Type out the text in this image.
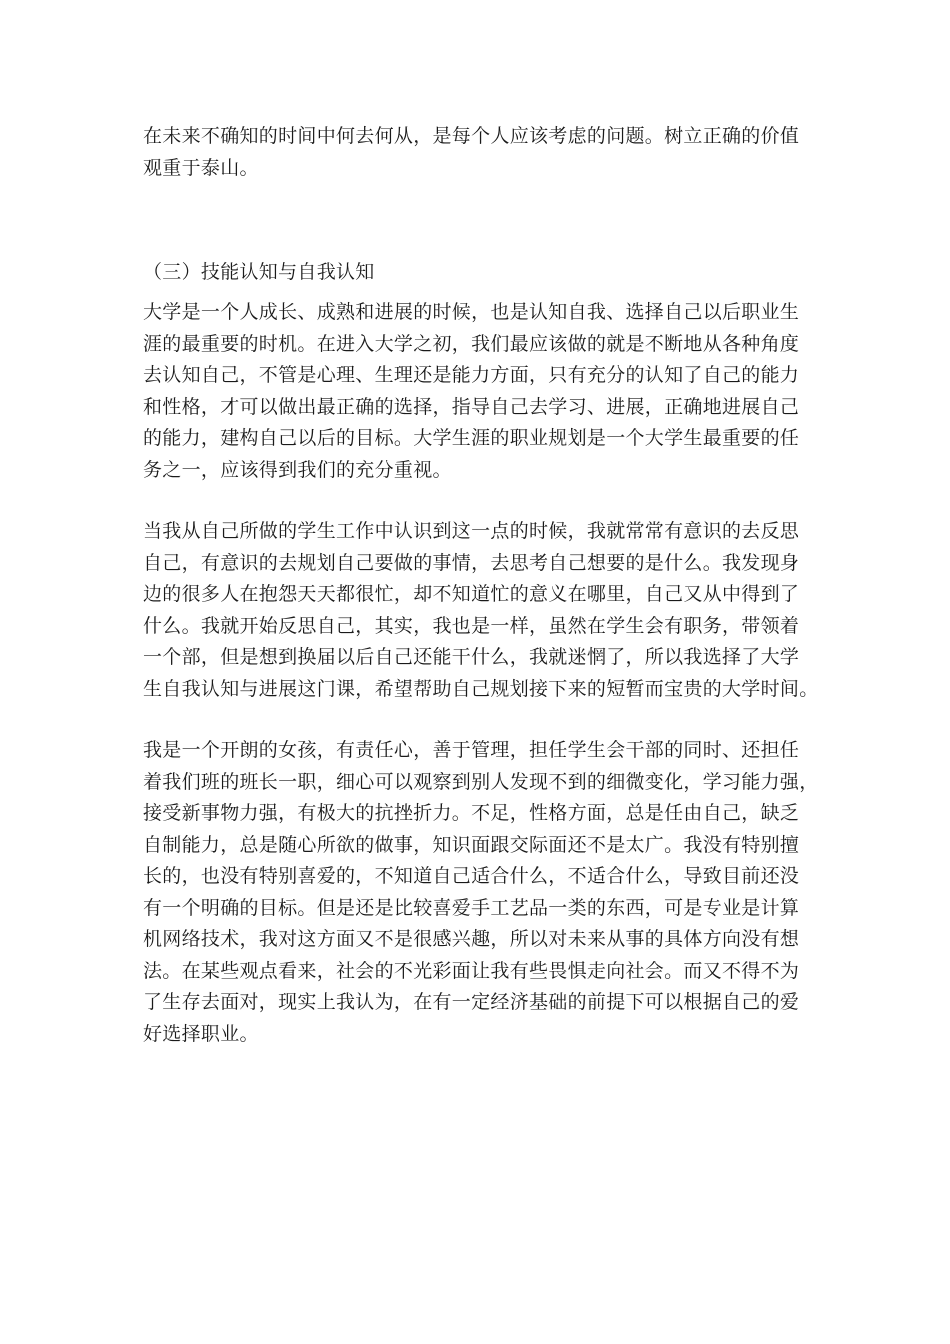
在未来不确知的时间中何去何从，是每个人应该考虑的问题。树立正确的价值
观重于泰山。

（三）技能认知与自我认知

大学是一个人成长、成熟和进展的时候，也是认知自我、选择自己以后职业生
涯的最重要的时机。在进入大学之初，我们最应该做的就是不断地从各种角度
去认知自己，不管是心理、生理还是能力方面，只有充分的认知了自己的能力
和性格，才可以做出最正确的选择，指导自己去学习、进展，正确地进展自己
的能力，建构自己以后的目标。大学生涯的职业规划是一个大学生最重要的任
务之一，应该得到我们的充分重视。

当我从自己所做的学生工作中认识到这一点的时候，我就常常有意识的去反思
自己，有意识的去规划自己要做的事情，去思考自己想要的是什么。我发现身
边的很多人在抱怨天天都很忙，却不知道忙的意义在哪里，自己又从中得到了
什么。我就开始反思自己，其实，我也是一样，虽然在学生会有职务，带领着
一个部，但是想到换届以后自己还能干什么，我就迷惘了，所以我选择了大学
生自我认知与进展这门课，希望帮助自己规划接下来的短暂而宝贵的大学时间。

我是一个开朗的女孩，有责任心，善于管理，担任学生会干部的同时、还担任
着我们班的班长一职，细心可以观察到别人发现不到的细微变化，学习能力强，
接受新事物力强，有极大的抗挫折力。不足，性格方面，总是任由自己，缺乏
自制能力，总是随心所欲的做事，知识面跟交际面还不是太广。我没有特别擅
长的，也没有特别喜爱的，不知道自己适合什么，不适合什么，导致目前还没
有一个明确的目标。但是还是比较喜爱手工艺品一类的东西，可是专业是计算
机网络技术，我对这方面又不是很感兴趣，所以对未来从事的具体方向没有想
法。在某些观点看来，社会的不光彩面让我有些畏惧走向社会。而又不得不为
了生存去面对，现实上我认为，在有一定经济基础的前提下可以根据自己的爱
好选择职业。
